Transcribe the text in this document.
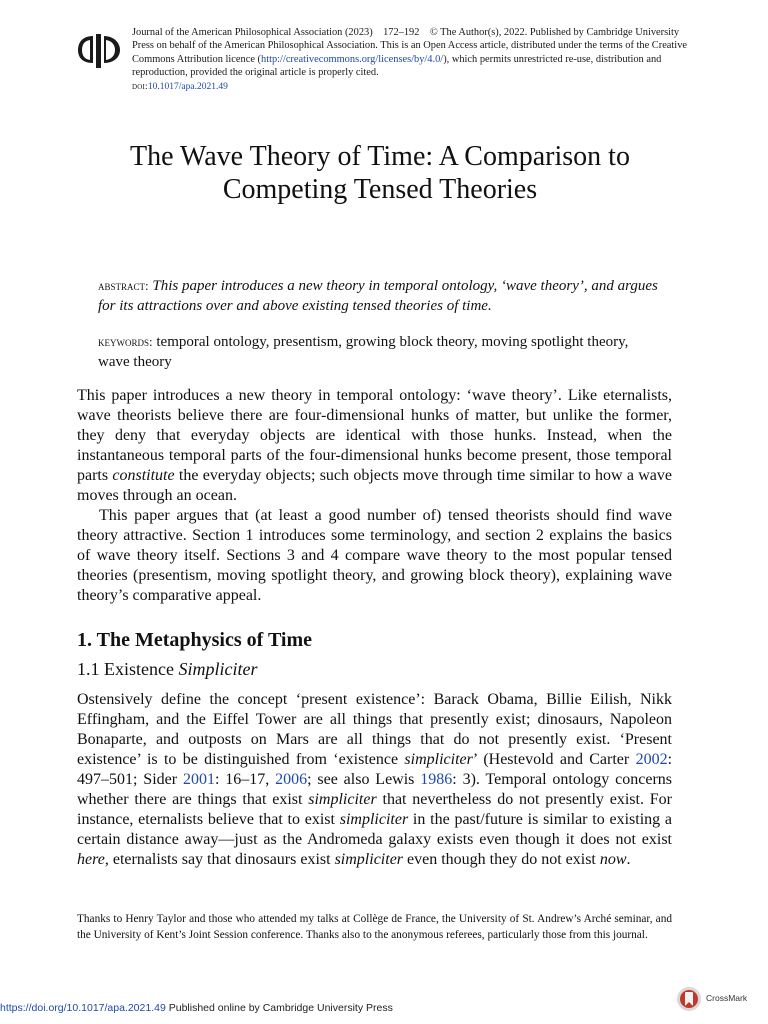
Journal of the American Philosophical Association (2023) 172–192 © The Author(s), 2022. Published by Cambridge University Press on behalf of the American Philosophical Association. This is an Open Access article, distributed under the terms of the Creative Commons Attribution licence (http://creativecommons.org/licenses/by/4.0/), which permits unrestricted re-use, distribution and reproduction, provided the original article is properly cited.
doi:10.1017/apa.2021.49
The Wave Theory of Time: A Comparison to Competing Tensed Theories
abstract: This paper introduces a new theory in temporal ontology, ‘wave theory’, and argues for its attractions over and above existing tensed theories of time.
keywords: temporal ontology, presentism, growing block theory, moving spotlight theory, wave theory

This paper introduces a new theory in temporal ontology: ‘wave theory’. Like eternalists, wave theorists believe there are four-dimensional hunks of matter, but unlike the former, they deny that everyday objects are identical with those hunks. Instead, when the instantaneous temporal parts of the four-dimensional hunks become present, those temporal parts constitute the everyday objects; such objects move through time similar to how a wave moves through an ocean.

This paper argues that (at least a good number of) tensed theorists should find wave theory attractive. Section 1 introduces some terminology, and section 2 explains the basics of wave theory itself. Sections 3 and 4 compare wave theory to the most popular tensed theories (presentism, moving spotlight theory, and growing block theory), explaining wave theory’s comparative appeal.

1. The Metaphysics of Time
1.1 Existence Simpliciter

Ostensively define the concept ‘present existence’: Barack Obama, Billie Eilish, Nikk Effingham, and the Eiffel Tower are all things that presently exist; dinosaurs, Napoleon Bonaparte, and outposts on Mars are all things that do not presently exist. ‘Present existence’ is to be distinguished from ‘existence simpliciter’ (Hestevold and Carter 2002: 497–501; Sider 2001: 16–17, 2006; see also Lewis 1986: 3). Temporal ontology concerns whether there are things that exist simpliciter that nevertheless do not presently exist. For instance, eternalists believe that to exist simpliciter in the past/future is similar to existing a certain distance away—just as the Andromeda galaxy exists even though it does not exist here, eternalists say that dinosaurs exist simpliciter even though they do not exist now.

Thanks to Henry Taylor and those who attended my talks at Collège de France, the University of St. Andrew’s Arché seminar, and the University of Kent’s Joint Session conference. Thanks also to the anonymous referees, particularly those from this journal.
https://doi.org/10.1017/apa.2021.49 Published online by Cambridge University Press
CrossMark
